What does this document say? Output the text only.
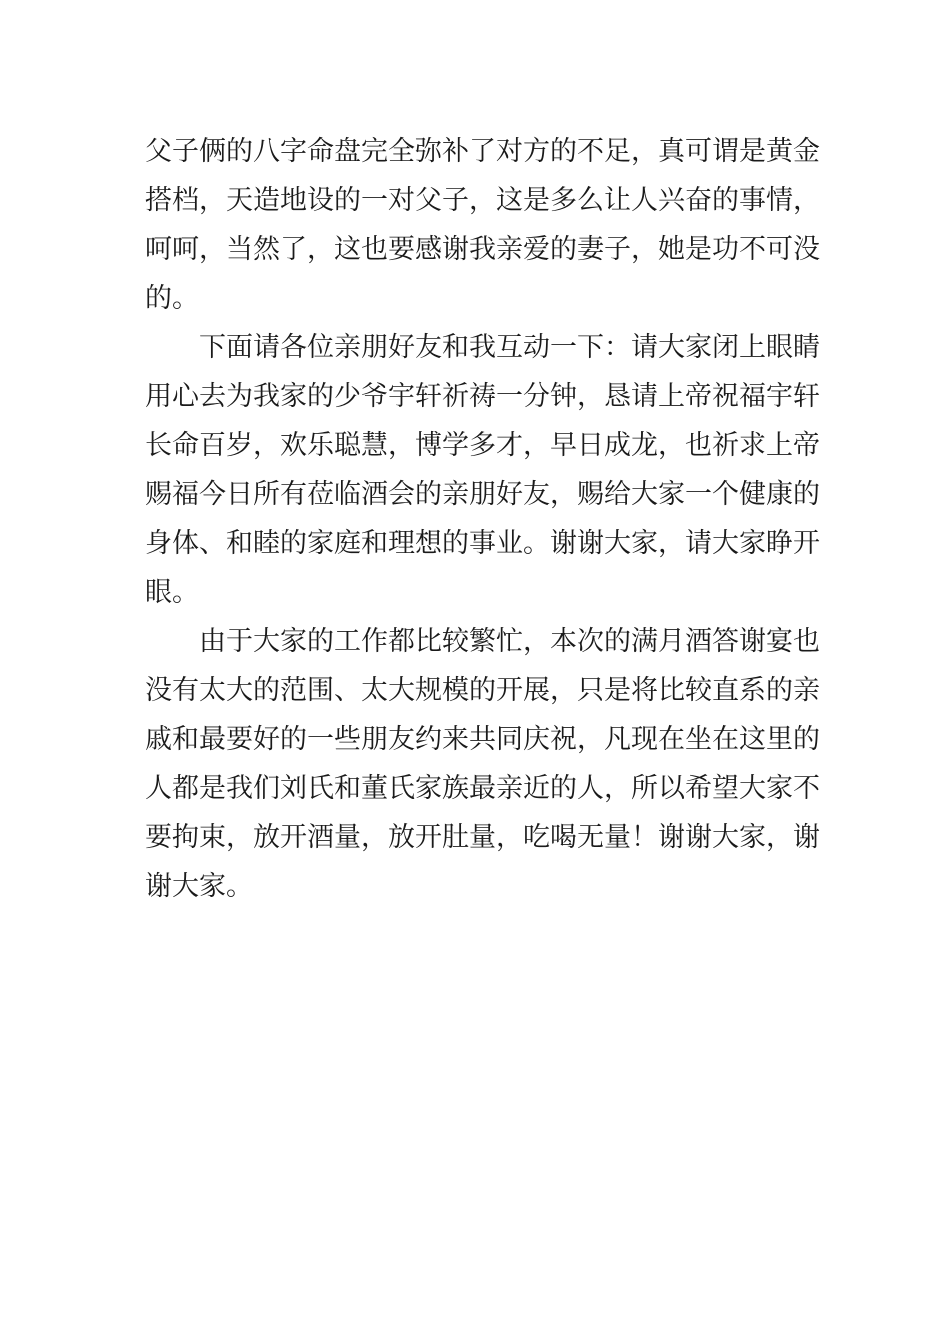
父子俩的八字命盘完全弥补了对方的不足，真可谓是黄金
搭档，天造地设的一对父子，这是多么让人兴奋的事情，
呵呵，当然了，这也要感谢我亲爱的妻子，她是功不可没
的。
下面请各位亲朋好友和我互动一下：请大家闭上眼睛
用心去为我家的少爷宇轩祈祷一分钟，恳请上帝祝福宇轩
长命百岁，欢乐聪慧，博学多才，早日成龙，也祈求上帝
赐福今日所有莅临酒会的亲朋好友，赐给大家一个健康的
身体、和睦的家庭和理想的事业。谢谢大家，请大家睁开
眼。
由于大家的工作都比较繁忙，本次的满月酒答谢宴也
没有太大的范围、太大规模的开展，只是将比较直系的亲
戚和最要好的一些朋友约来共同庆祝，凡现在坐在这里的
人都是我们刘氏和董氏家族最亲近的人，所以希望大家不
要拘束，放开酒量，放开肚量，吃喝无量！谢谢大家，谢
谢大家。
